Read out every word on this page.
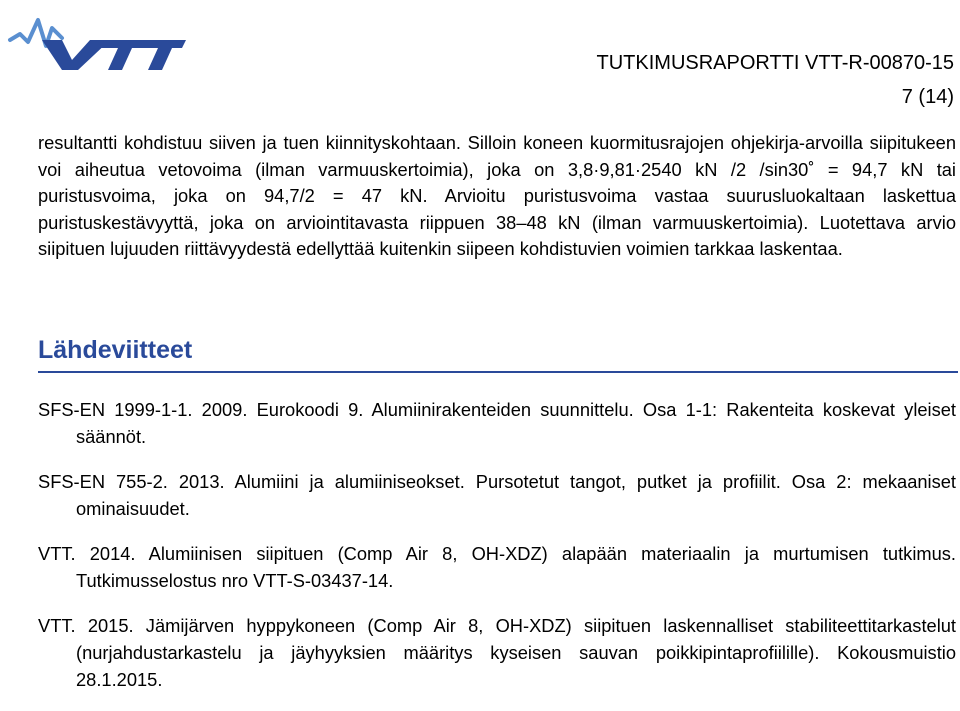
TUTKIMUSRAPORTTI VTT-R-00870-15
7 (14)

resultantti kohdistuu siiven ja tuen kiinnityskohtaan. Silloin koneen kuormitusrajojen ohjekirja-arvoilla siipitukeen voi aiheutua vetovoima (ilman varmuuskertoimia), joka on 3,8·9,81·2540 kN /2 /sin30˚ = 94,7 kN tai puristusvoima, joka on 94,7/2 = 47 kN. Arvioitu puristusvoima vastaa suurusluokaltaan laskettua puristuskestävyyttä, joka on arviointitavasta riippuen 38–48 kN (ilman varmuuskertoimia). Luotettava arvio siipituen lujuuden riittävyydestä edellyttää kuitenkin siipeen kohdistuvien voimien tarkkaa laskentaa.

Lähdeviitteet

SFS-EN 1999-1-1. 2009. Eurokoodi 9. Alumiinirakenteiden suunnittelu. Osa 1-1: Rakenteita koskevat yleiset säännöt.

SFS-EN 755-2. 2013. Alumiini ja alumiiniseokset. Pursotetut tangot, putket ja profiilit. Osa 2: mekaaniset ominaisuudet.

VTT. 2014. Alumiinisen siipituen (Comp Air 8, OH-XDZ) alapään materiaalin ja murtumisen tutkimus. Tutkimusselostus nro VTT-S-03437-14.

VTT. 2015. Jämijärven hyppykoneen (Comp Air 8, OH-XDZ) siipituen laskennalliset stabiliteettitarkastelut (nurjahdustarkastelu ja jäyhyyksien määritys kyseisen sauvan poikkipintaprofiilille). Kokousmuistio 28.1.2015.
